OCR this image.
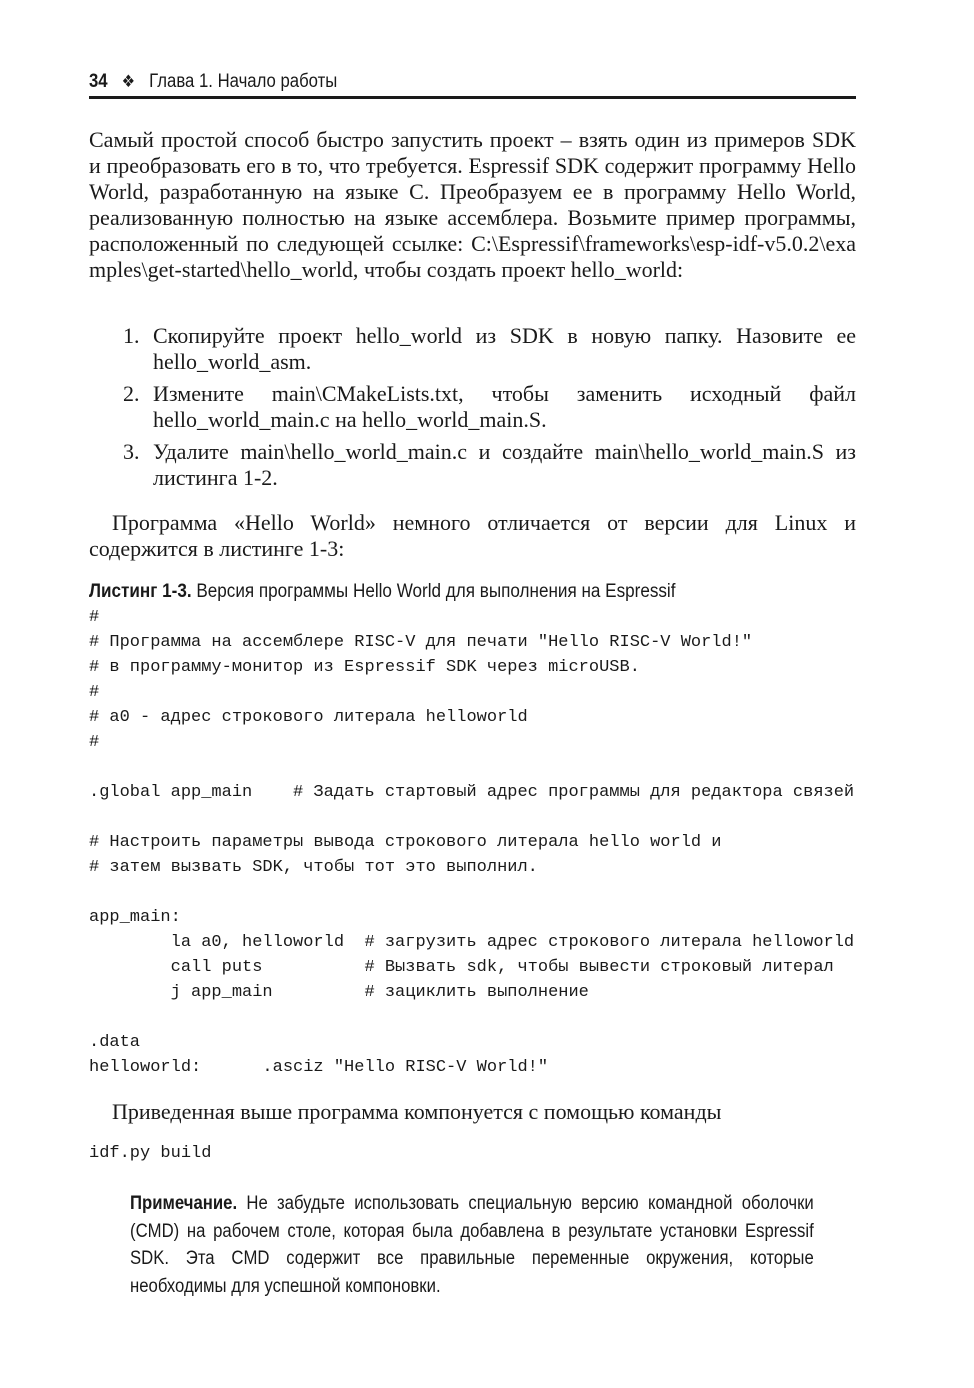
34 ❖ Глава 1. Начало работы

Самый простой способ быстро запустить проект – взять один из примеров SDK и преобразовать его в то, что требуется. Espressif SDK содержит программу Hello World, разработанную на языке C. Преобразуем ее в программу Hello World, реализованную полностью на языке ассемблера. Возьмите пример программы, расположенный по следующей ссылке: C:\Espressif\frameworks\esp-idf-v5.0.2\examples\get-started\hello_world, чтобы создать проект hello_world:

1. Скопируйте проект hello_world из SDK в новую папку. Назовите ее hello_world_asm.
2. Измените main\CMakeLists.txt, чтобы заменить исходный файл hello_world_main.c на hello_world_main.S.
3. Удалите main\hello_world_main.c и создайте main\hello_world_main.S из листинга 1-2.

Программа «Hello World» немного отличается от версии для Linux и содержится в листинге 1-3:

Листинг 1-3. Версия программы Hello World для выполнения на Espressif
#
# Программа на ассемблере RISC-V для печати "Hello RISC-V World!"
# в программу-монитор из Espressif SDK через microUSB.
#
# a0 - адрес строкового литерала helloworld
#

.global app_main    # Задать стартовый адрес программы для редактора связей

# Настроить параметры вывода строкового литерала hello world и
# затем вызвать SDK, чтобы тот это выполнил.

app_main:
la a0, helloworld  # загрузить адрес строкового литерала helloworld
call puts          # Вызвать sdk, чтобы вывести строковый литерал
j app_main         # зациклить выполнение

.data
helloworld:      .asciz "Hello RISC-V World!"

Приведенная выше программа компонуется с помощью команды

idf.py build

Примечание. Не забудьте использовать специальную версию командной оболочки (CMD) на рабочем столе, которая была добавлена в результате установки Espressif SDK. Эта CMD содержит все правильные переменные окружения, которые необходимы для успешной компоновки.
